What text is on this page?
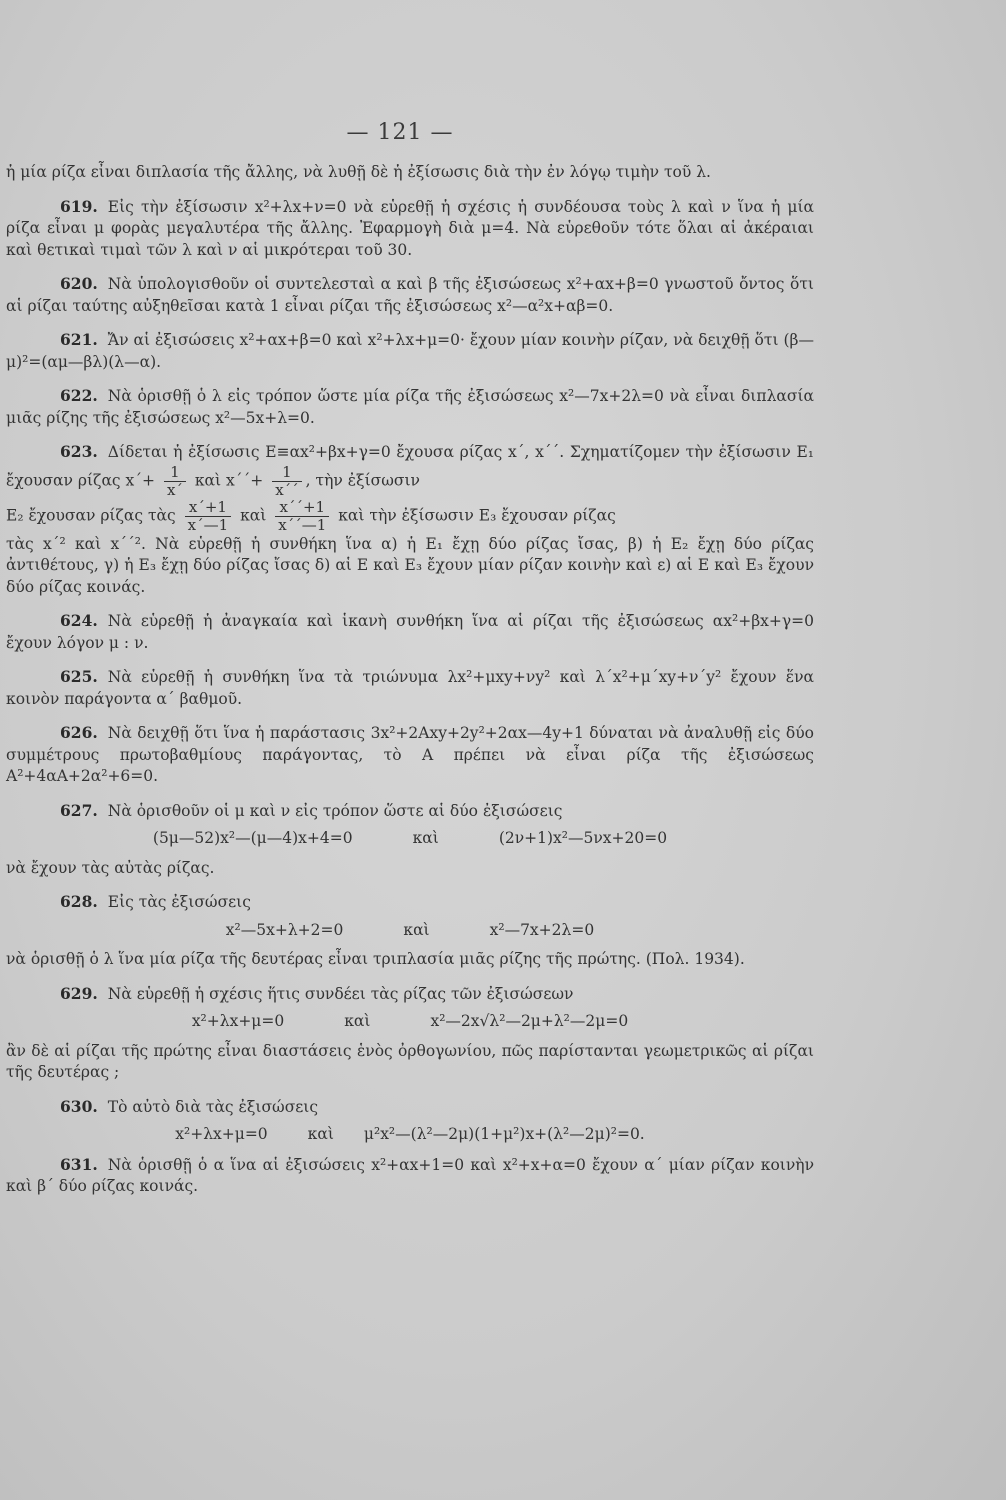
— 121 —

ἡ μία ρίζα εἶναι διπλασία τῆς ἄλλης, νὰ λυθῇ δὲ ἡ ἐξίσωσις διὰ τὴν ἐν λόγῳ τιμὴν τοῦ λ.

619. Εἰς τὴν ἐξίσωσιν x²+λx+ν=0 νὰ εὑρεθῇ ἡ σχέσις ἡ συνδέουσα τοὺς λ καὶ ν ἵνα ἡ μία ρίζα εἶναι μ φορὰς μεγαλυτέρα τῆς ἄλλης. Ἐφαρμογὴ διὰ μ=4. Νὰ εὑρεθοῦν τότε ὅλαι αἱ ἀκέραιαι καὶ θετικαὶ τιμαὶ τῶν λ καὶ ν αἱ μικρότεραι τοῦ 30.

620. Νὰ ὑπολογισθοῦν οἱ συντελεσταὶ α καὶ β τῆς ἐξισώσεως x²+αx+β=0 γνωστοῦ ὄντος ὅτι αἱ ρίζαι ταύτης αὐξηθεῖσαι κατὰ 1 εἶναι ρίζαι τῆς ἐξισώσεως x²—α²x+αβ=0.

621. Ἄν αἱ ἐξισώσεις x²+αx+β=0 καὶ x²+λx+μ=0· ἔχουν μίαν κοινὴν ρίζαν, νὰ δειχθῇ ὅτι (β—μ)²=(αμ—βλ)(λ—α).

622. Νὰ ὁρισθῇ ὁ λ εἰς τρόπον ὥστε μία ρίζα τῆς ἐξισώσεως x²—7x+2λ=0 νὰ εἶναι διπλασία μιᾶς ρίζης τῆς ἐξισώσεως x²—5x+λ=0.

623. Δίδεται ἡ ἐξίσωσις E≡αx²+βx+γ=0 ἔχουσα ρίζας x΄, x΄΄. Σχηματίζομεν τὴν ἐξίσωσιν E₁ ἔχουσαν ρίζας $x΄+ \frac{1}{x΄}$ καὶ $x΄΄+ \frac{1}{x΄΄}$ , τὴν ἐξίσωσιν
E₂ ἔχουσαν ρίζας τὰς $\frac{x΄+1}{x΄—1}$ καὶ $\frac{x΄΄+1}{x΄΄—1}$ καὶ τὴν ἐξίσωσιν E₃ ἔχουσαν ρίζας
τὰς x΄² καὶ x΄΄². Νὰ εὑρεθῇ ἡ συνθήκη ἵνα α) ἡ E₁ ἔχῃ δύο ρίζας ἴσας, β) ἡ E₂ ἔχῃ δύο ρίζας ἀντιθέτους, γ) ἡ E₃ ἔχῃ δύο ρίζας ἴσας δ) αἱ E καὶ E₃ ἔχουν μίαν ρίζαν κοινὴν καὶ ε) αἱ E καὶ E₃ ἔχουν δύο ρίζας κοινάς.

624. Νὰ εὑρεθῇ ἡ ἀναγκαία καὶ ἱκανὴ συνθήκη ἵνα αἱ ρίζαι τῆς ἐξισώσεως αx²+βx+γ=0 ἔχουν λόγον μ : ν.

625. Νὰ εὑρεθῇ ἡ συνθήκη ἵνα τὰ τριώνυμα λx²+μxy+νy² καὶ λ΄x²+μ΄xy+ν΄y² ἔχουν ἕνα κοινὸν παράγοντα α΄ βαθμοῦ.

626. Νὰ δειχθῇ ὅτι ἵνα ἡ παράστασις 3x²+2Axy+2y²+2αx—4y+1 δύναται νὰ ἀναλυθῇ εἰς δύο συμμέτρους πρωτοβαθμίους παράγοντας, τὸ A πρέπει νὰ εἶναι ρίζα τῆς ἐξισώσεως A²+4αA+2α²+6=0.

627. Νὰ ὁρισθοῦν οἱ μ καὶ ν εἰς τρόπον ὥστε αἱ δύο ἐξισώσεις
(5μ—52)x²—(μ—4)x+4=0	καὶ	(2ν+1)x²—5νx+20=0
νὰ ἔχουν τὰς αὐτὰς ρίζας.
628. Εἰς τὰς ἐξισώσεις
x²—5x+λ+2=0	καὶ	x²—7x+2λ=0
νὰ ὁρισθῇ ὁ λ ἵνα μία ρίζα τῆς δευτέρας εἶναι τριπλασία μιᾶς ρίζης τῆς πρώτης. (Πολ. 1934).
629. Νὰ εὑρεθῇ ἡ σχέσις ἥτις συνδέει τὰς ρίζας τῶν ἐξισώσεων
x²+λx+μ=0	καὶ	x²—2x√λ²—2μ+λ²—2μ=0
ἂν δὲ αἱ ρίζαι τῆς πρώτης εἶναι διαστάσεις ἑνὸς ὀρθογωνίου, πῶς παρίστανται γεωμετρικῶς αἱ ρίζαι τῆς δευτέρας ;
630. Τὸ αὐτὸ διὰ τὰς ἐξισώσεις
x²+λx+μ=0	καὶ μ²x²—(λ²—2μ)(1+μ²)x+(λ²—2μ)²=0.

631. Νὰ ὁρισθῇ ὁ α ἵνα αἱ ἐξισώσεις x²+αx+1=0 καὶ x²+x+α=0 ἔχουν α΄ μίαν ρίζαν κοινὴν καὶ β΄ δύο ρίζας κοινάς.
